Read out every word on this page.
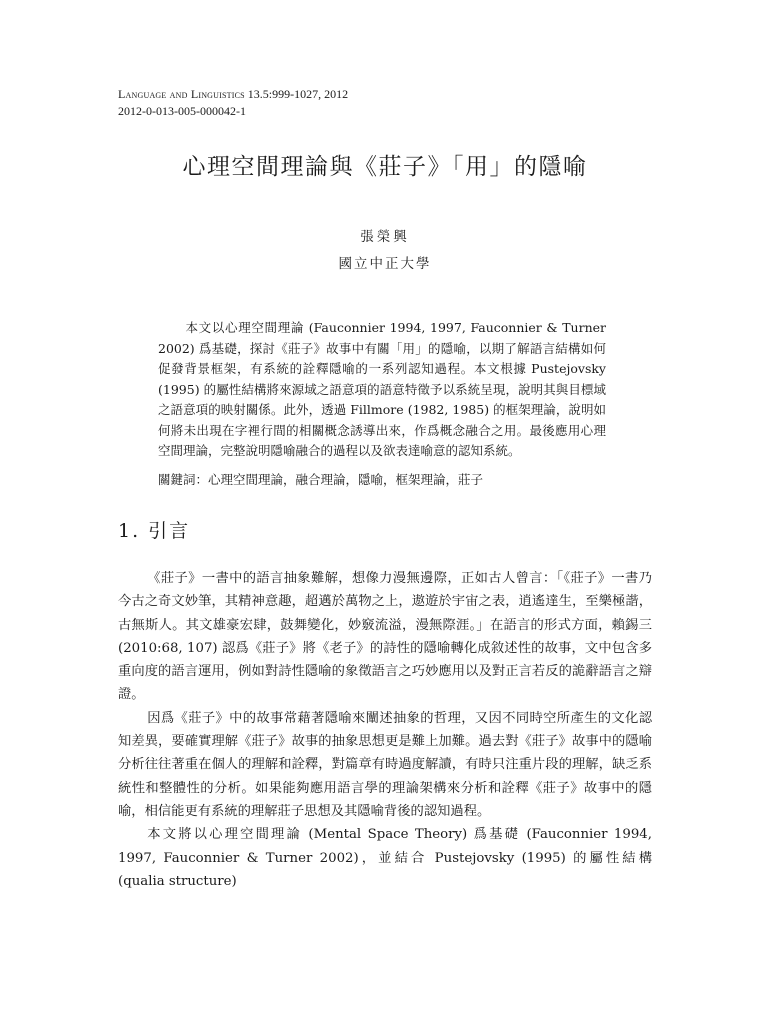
Language and Linguistics 13.5:999-1027, 2012
2012-0-013-005-000042-1
心理空間理論與《莊子》「用」的隱喻
張榮興
國立中正大學
本文以心理空間理論 (Fauconnier 1994, 1997, Fauconnier & Turner 2002) 爲基礎，探討《莊子》故事中有關「用」的隱喻，以期了解語言結構如何促發背景框架，有系統的詮釋隱喻的一系列認知過程。本文根據 Pustejovsky (1995) 的屬性結構將來源域之語意項的語意特徵予以系統呈現，說明其與目標域之語意項的映射關係。此外，透過 Fillmore (1982, 1985) 的框架理論，說明如何將未出現在字裡行間的相關概念誘導出來，作爲概念融合之用。最後應用心理空間理論，完整說明隱喻融合的過程以及欲表達喻意的認知系統。
關鍵詞：心理空間理論，融合理論，隱喻，框架理論，莊子
1. 引言

《莊子》一書中的語言抽象難解，想像力漫無邊際，正如古人曾言：「《莊子》一書乃今古之奇文妙筆，其精神意趣，超邁於萬物之上，遨遊於宇宙之表，逍遙達生，至樂極諧，古無斯人。其文雄豪宏肆，鼓舞變化，妙竅流溢，漫無際涯。」在語言的形式方面，賴錫三 (2010:68, 107) 認爲《莊子》將《老子》的詩性的隱喻轉化成敘述性的故事，文中包含多重向度的語言運用，例如對詩性隱喻的象徵語言之巧妙應用以及對正言若反的詭辭語言之辯證。

因爲《莊子》中的故事常藉著隱喻來闡述抽象的哲理，又因不同時空所產生的文化認知差異，要確實理解《莊子》故事的抽象思想更是難上加難。過去對《莊子》故事中的隱喻分析往往著重在個人的理解和詮釋，對篇章有時過度解讀，有時只注重片段的理解，缺乏系統性和整體性的分析。如果能夠應用語言學的理論架構來分析和詮釋《莊子》故事中的隱喻，相信能更有系統的理解莊子思想及其隱喻背後的認知過程。

本文將以心理空間理論 (Mental Space Theory) 爲基礎 (Fauconnier 1994, 1997, Fauconnier & Turner 2002)，並結合 Pustejovsky (1995) 的屬性結構 (qualia structure)
